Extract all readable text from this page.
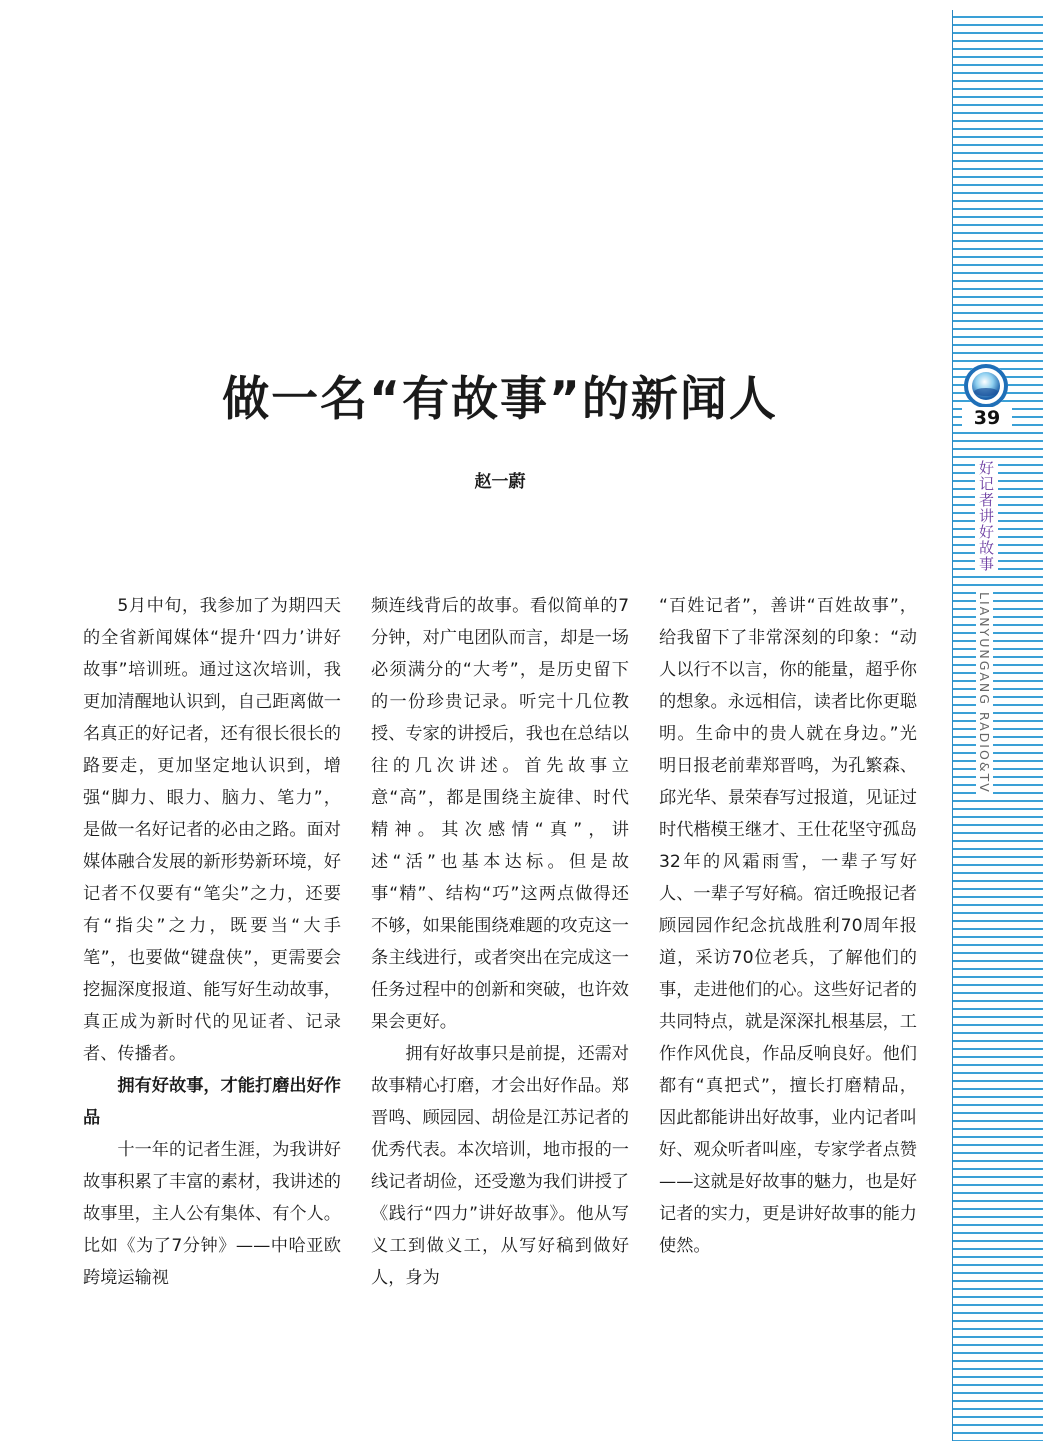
39
好记者讲好故事
LIANYUNGANG RADIO&TV
做一名“有故事”的新闻人
赵一蔚

5月中旬，我参加了为期四天的全省新闻媒体“提升‘四力’讲好故事”培训班。通过这次培训，我更加清醒地认识到，自己距离做一名真正的好记者，还有很长很长的路要走，更加坚定地认识到，增强“脚力、眼力、脑力、笔力”，是做一名好记者的必由之路。面对媒体融合发展的新形势新环境，好记者不仅要有“笔尖”之力，还要有“指尖”之力，既要当“大手笔”，也要做“键盘侠”，更需要会挖掘深度报道、能写好生动故事，真正成为新时代的见证者、记录者、传播者。

拥有好故事，才能打磨出好作品

十一年的记者生涯，为我讲好故事积累了丰富的素材，我讲述的故事里，主人公有集体、有个人。比如《为了7分钟》——中哈亚欧跨境运输视

频连线背后的故事。看似简单的7分钟，对广电团队而言，却是一场必须满分的“大考”，是历史留下的一份珍贵记录。听完十几位教授、专家的讲授后，我也在总结以往的几次讲述。首先故事立意“高”，都是围绕主旋律、时代精神。其次感情“真”，讲述“活”也基本达标。但是故事“精”、结构“巧”这两点做得还不够，如果能围绕难题的攻克这一条主线进行，或者突出在完成这一任务过程中的创新和突破，也许效果会更好。

拥有好故事只是前提，还需对故事精心打磨，才会出好作品。郑晋鸣、顾园园、胡俭是江苏记者的优秀代表。本次培训，地市报的一线记者胡俭，还受邀为我们讲授了《践行“四力”讲好故事》。他从写义工到做义工，从写好稿到做好人，身为

“百姓记者”，善讲“百姓故事”，给我留下了非常深刻的印象：“动人以行不以言，你的能量，超乎你的想象。永远相信，读者比你更聪明。生命中的贵人就在身边。”光明日报老前辈郑晋鸣，为孔繁森、邱光华、景荣春写过报道，见证过时代楷模王继才、王仕花坚守孤岛32年的风霜雨雪，一辈子写好人、一辈子写好稿。宿迁晚报记者顾园园作纪念抗战胜利70周年报道，采访70位老兵，了解他们的事，走进他们的心。这些好记者的共同特点，就是深深扎根基层，工作作风优良，作品反响良好。他们都有“真把式”，擅长打磨精品，因此都能讲出好故事，业内记者叫好、观众听者叫座，专家学者点赞——这就是好故事的魅力，也是好记者的实力，更是讲好故事的能力使然。
